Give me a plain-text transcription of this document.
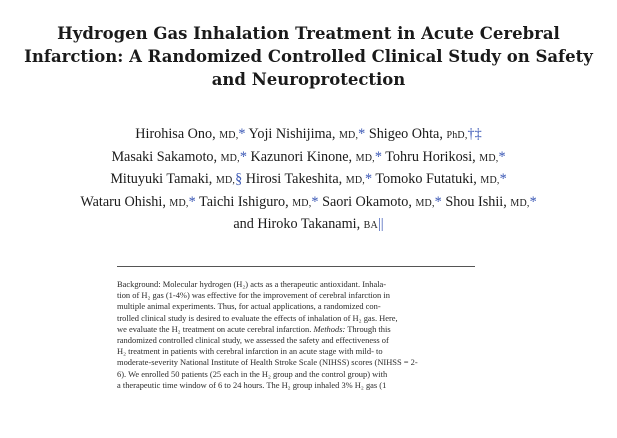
Hydrogen Gas Inhalation Treatment in Acute Cerebral
Infarction: A Randomized Controlled Clinical Study on Safety
and Neuroprotection
Hirohisa Ono, MD,* Yoji Nishijima, MD,* Shigeo Ohta, PhD,†‡
Masaki Sakamoto, MD,* Kazunori Kinone, MD,* Tohru Horikosi, MD,*
Mituyuki Tamaki, MD,§ Hirosi Takeshita, MD,* Tomoko Futatuki, MD,*
Wataru Ohishi, MD,* Taichi Ishiguro, MD,* Saori Okamoto, MD,* Shou Ishii, MD,*
and Hiroko Takanami, BA||
Background: Molecular hydrogen (H₂) acts as a therapeutic antioxidant. Inhala-
tion of H₂ gas (1-4%) was effective for the improvement of cerebral infarction in
multiple animal experiments. Thus, for actual applications, a randomized con-
trolled clinical study is desired to evaluate the effects of inhalation of H₂ gas. Here,
we evaluate the H₂ treatment on acute cerebral infarction. Methods: Through this
randomized controlled clinical study, we assessed the safety and effectiveness of
H₂ treatment in patients with cerebral infarction in an acute stage with mild- to
moderate-severity National Institute of Health Stroke Scale (NIHSS) scores (NIHSS = 2-
6). We enrolled 50 patients (25 each in the H₂ group and the control group) with
a therapeutic time window of 6 to 24 hours. The H₂ group inhaled 3% H₂ gas (1
